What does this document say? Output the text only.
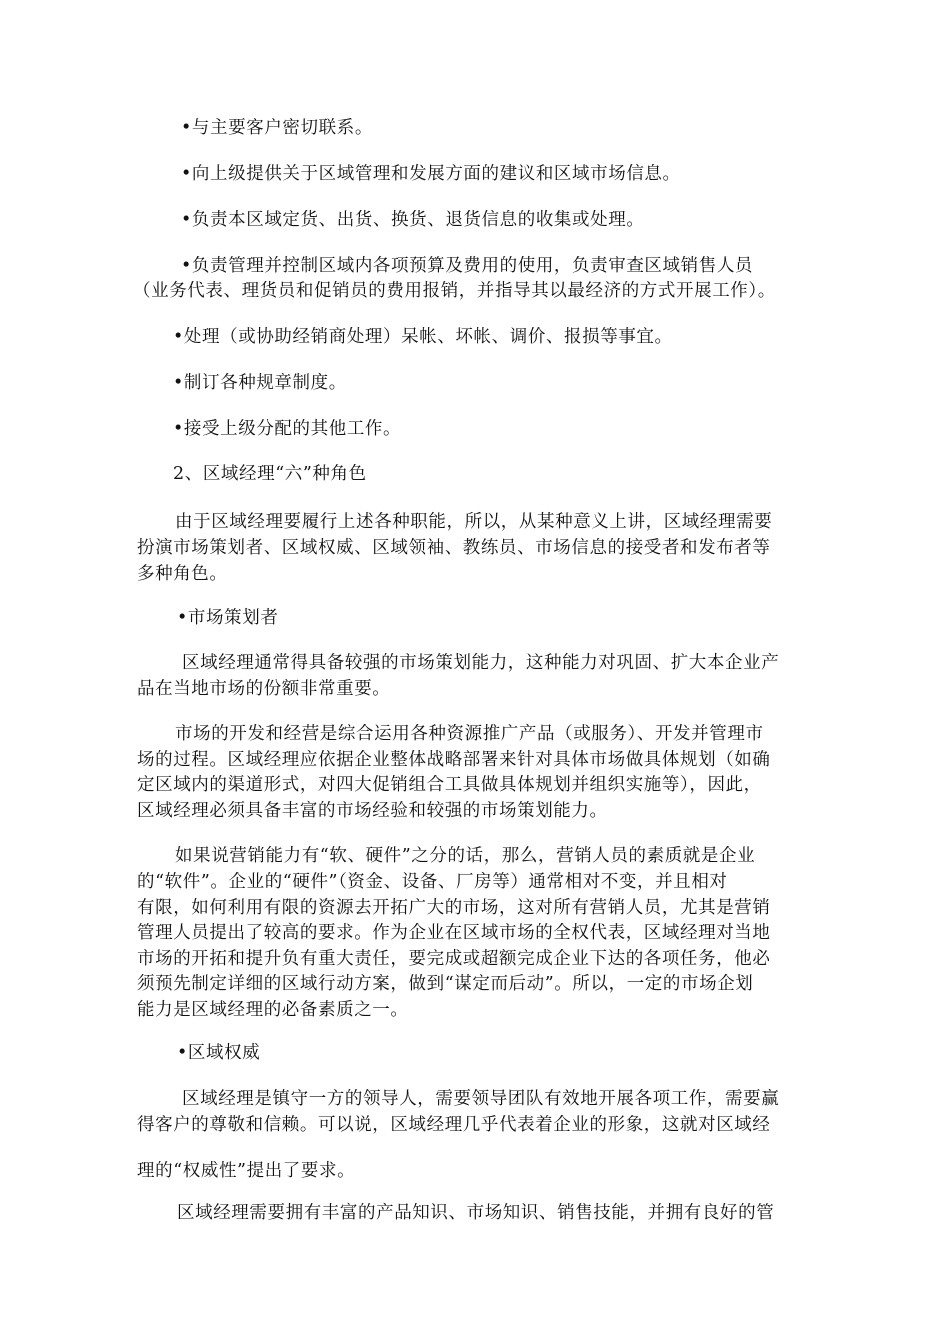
•与主要客户密切联系。
•向上级提供关于区域管理和发展方面的建议和区域市场信息。
•负责本区域定货、出货、换货、退货信息的收集或处理。
•负责管理并控制区域内各项预算及费用的使用，负责审查区域销售人员
（业务代表、理货员和促销员的费用报销，并指导其以最经济的方式开展工作）。
•处理（或协助经销商处理）呆帐、坏帐、调价、报损等事宜。
•制订各种规章制度。
•接受上级分配的其他工作。
2、区域经理“六”种角色
由于区域经理要履行上述各种职能，所以，从某种意义上讲，区域经理需要
扮演市场策划者、区域权威、区域领袖、教练员、市场信息的接受者和发布者等
多种角色。
•市场策划者
区域经理通常得具备较强的市场策划能力，这种能力对巩固、扩大本企业产
品在当地市场的份额非常重要。
市场的开发和经营是综合运用各种资源推广产品（或服务）、开发并管理市
场的过程。区域经理应依据企业整体战略部署来针对具体市场做具体规划（如确
定区域内的渠道形式，对四大促销组合工具做具体规划并组织实施等），因此，
区域经理必须具备丰富的市场经验和较强的市场策划能力。
如果说营销能力有“软、硬件”之分的话，那么，营销人员的素质就是企业
的“软件”。企业的“硬件”（资金、设备、厂房等）通常相对不变，并且相对
有限，如何利用有限的资源去开拓广大的市场，这对所有营销人员，尤其是营销
管理人员提出了较高的要求。作为企业在区域市场的全权代表，区域经理对当地
市场的开拓和提升负有重大责任，要完成或超额完成企业下达的各项任务，他必
须预先制定详细的区域行动方案，做到“谋定而后动”。所以，一定的市场企划
能力是区域经理的必备素质之一。
•区域权威
区域经理是镇守一方的领导人，需要领导团队有效地开展各项工作，需要赢
得客户的尊敬和信赖。可以说，区域经理几乎代表着企业的形象，这就对区域经
理的“权威性”提出了要求。
区域经理需要拥有丰富的产品知识、市场知识、销售技能，并拥有良好的管
